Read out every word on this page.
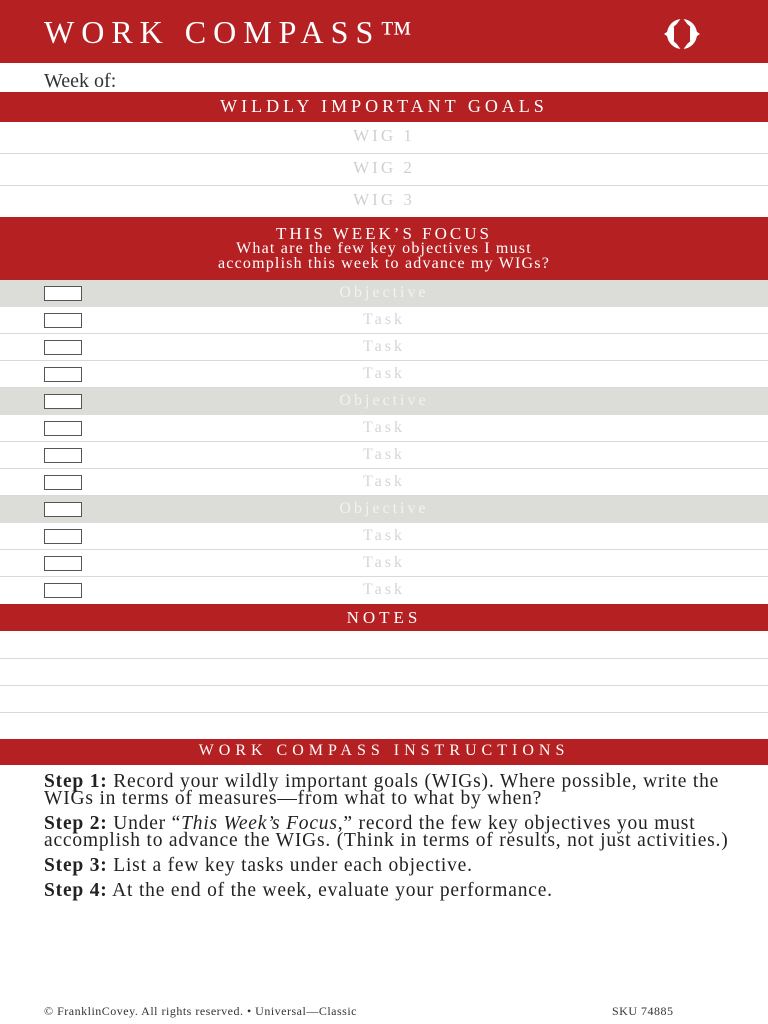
WORK COMPASS™
Week of:
WILDLY IMPORTANT GOALS
WIG 1
WIG 2
WIG 3
THIS WEEK’S FOCUS
What are the few key objectives I must
accomplish this week to advance my WIGs?
Objective
Task
Task
Task
Objective
Task
Task
Task
Objective
Task
Task
Task
NOTES
WORK COMPASS INSTRUCTIONS

Step 1: Record your wildly important goals (WIGs). Where possible, write the WIGs in terms of measures—from what to what by when?

Step 2: Under “This Week’s Focus,” record the few key objectives you must accomplish to advance the WIGs. (Think in terms of results, not just activities.)

Step 3: List a few key tasks under each objective.

Step 4: At the end of the week, evaluate your performance.

© FranklinCovey. All rights reserved. • Universal—Classic	SKU 74885
